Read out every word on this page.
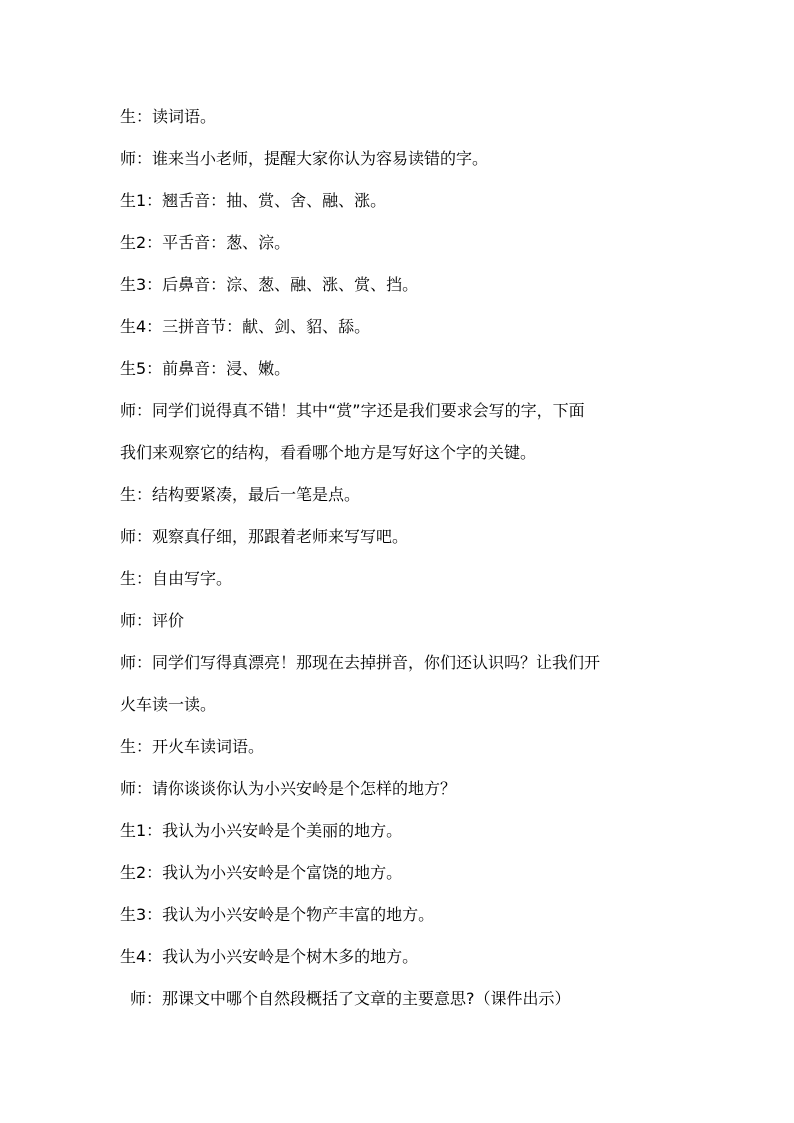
生：读词语。
师：谁来当小老师，提醒大家你认为容易读错的字。
生1：翘舌音：抽、赏、舍、融、涨。
生2：平舌音：葱、淙。
生3：后鼻音：淙、葱、融、涨、赏、挡。
生4：三拼音节：献、剑、貂、舔。
生5：前鼻音：浸、嫩。
师：同学们说得真不错！其中“赏”字还是我们要求会写的字，下面
我们来观察它的结构，看看哪个地方是写好这个字的关键。
生：结构要紧凑，最后一笔是点。
师：观察真仔细，那跟着老师来写写吧。
生：自由写字。
师：评价
师：同学们写得真漂亮！那现在去掉拼音，你们还认识吗？让我们开
火车读一读。
生：开火车读词语。
师：请你谈谈你认为小兴安岭是个怎样的地方？
生1：我认为小兴安岭是个美丽的地方。
生2：我认为小兴安岭是个富饶的地方。
生3：我认为小兴安岭是个物产丰富的地方。
生4：我认为小兴安岭是个树木多的地方。
师：那课文中哪个自然段概括了文章的主要意思?（课件出示）
